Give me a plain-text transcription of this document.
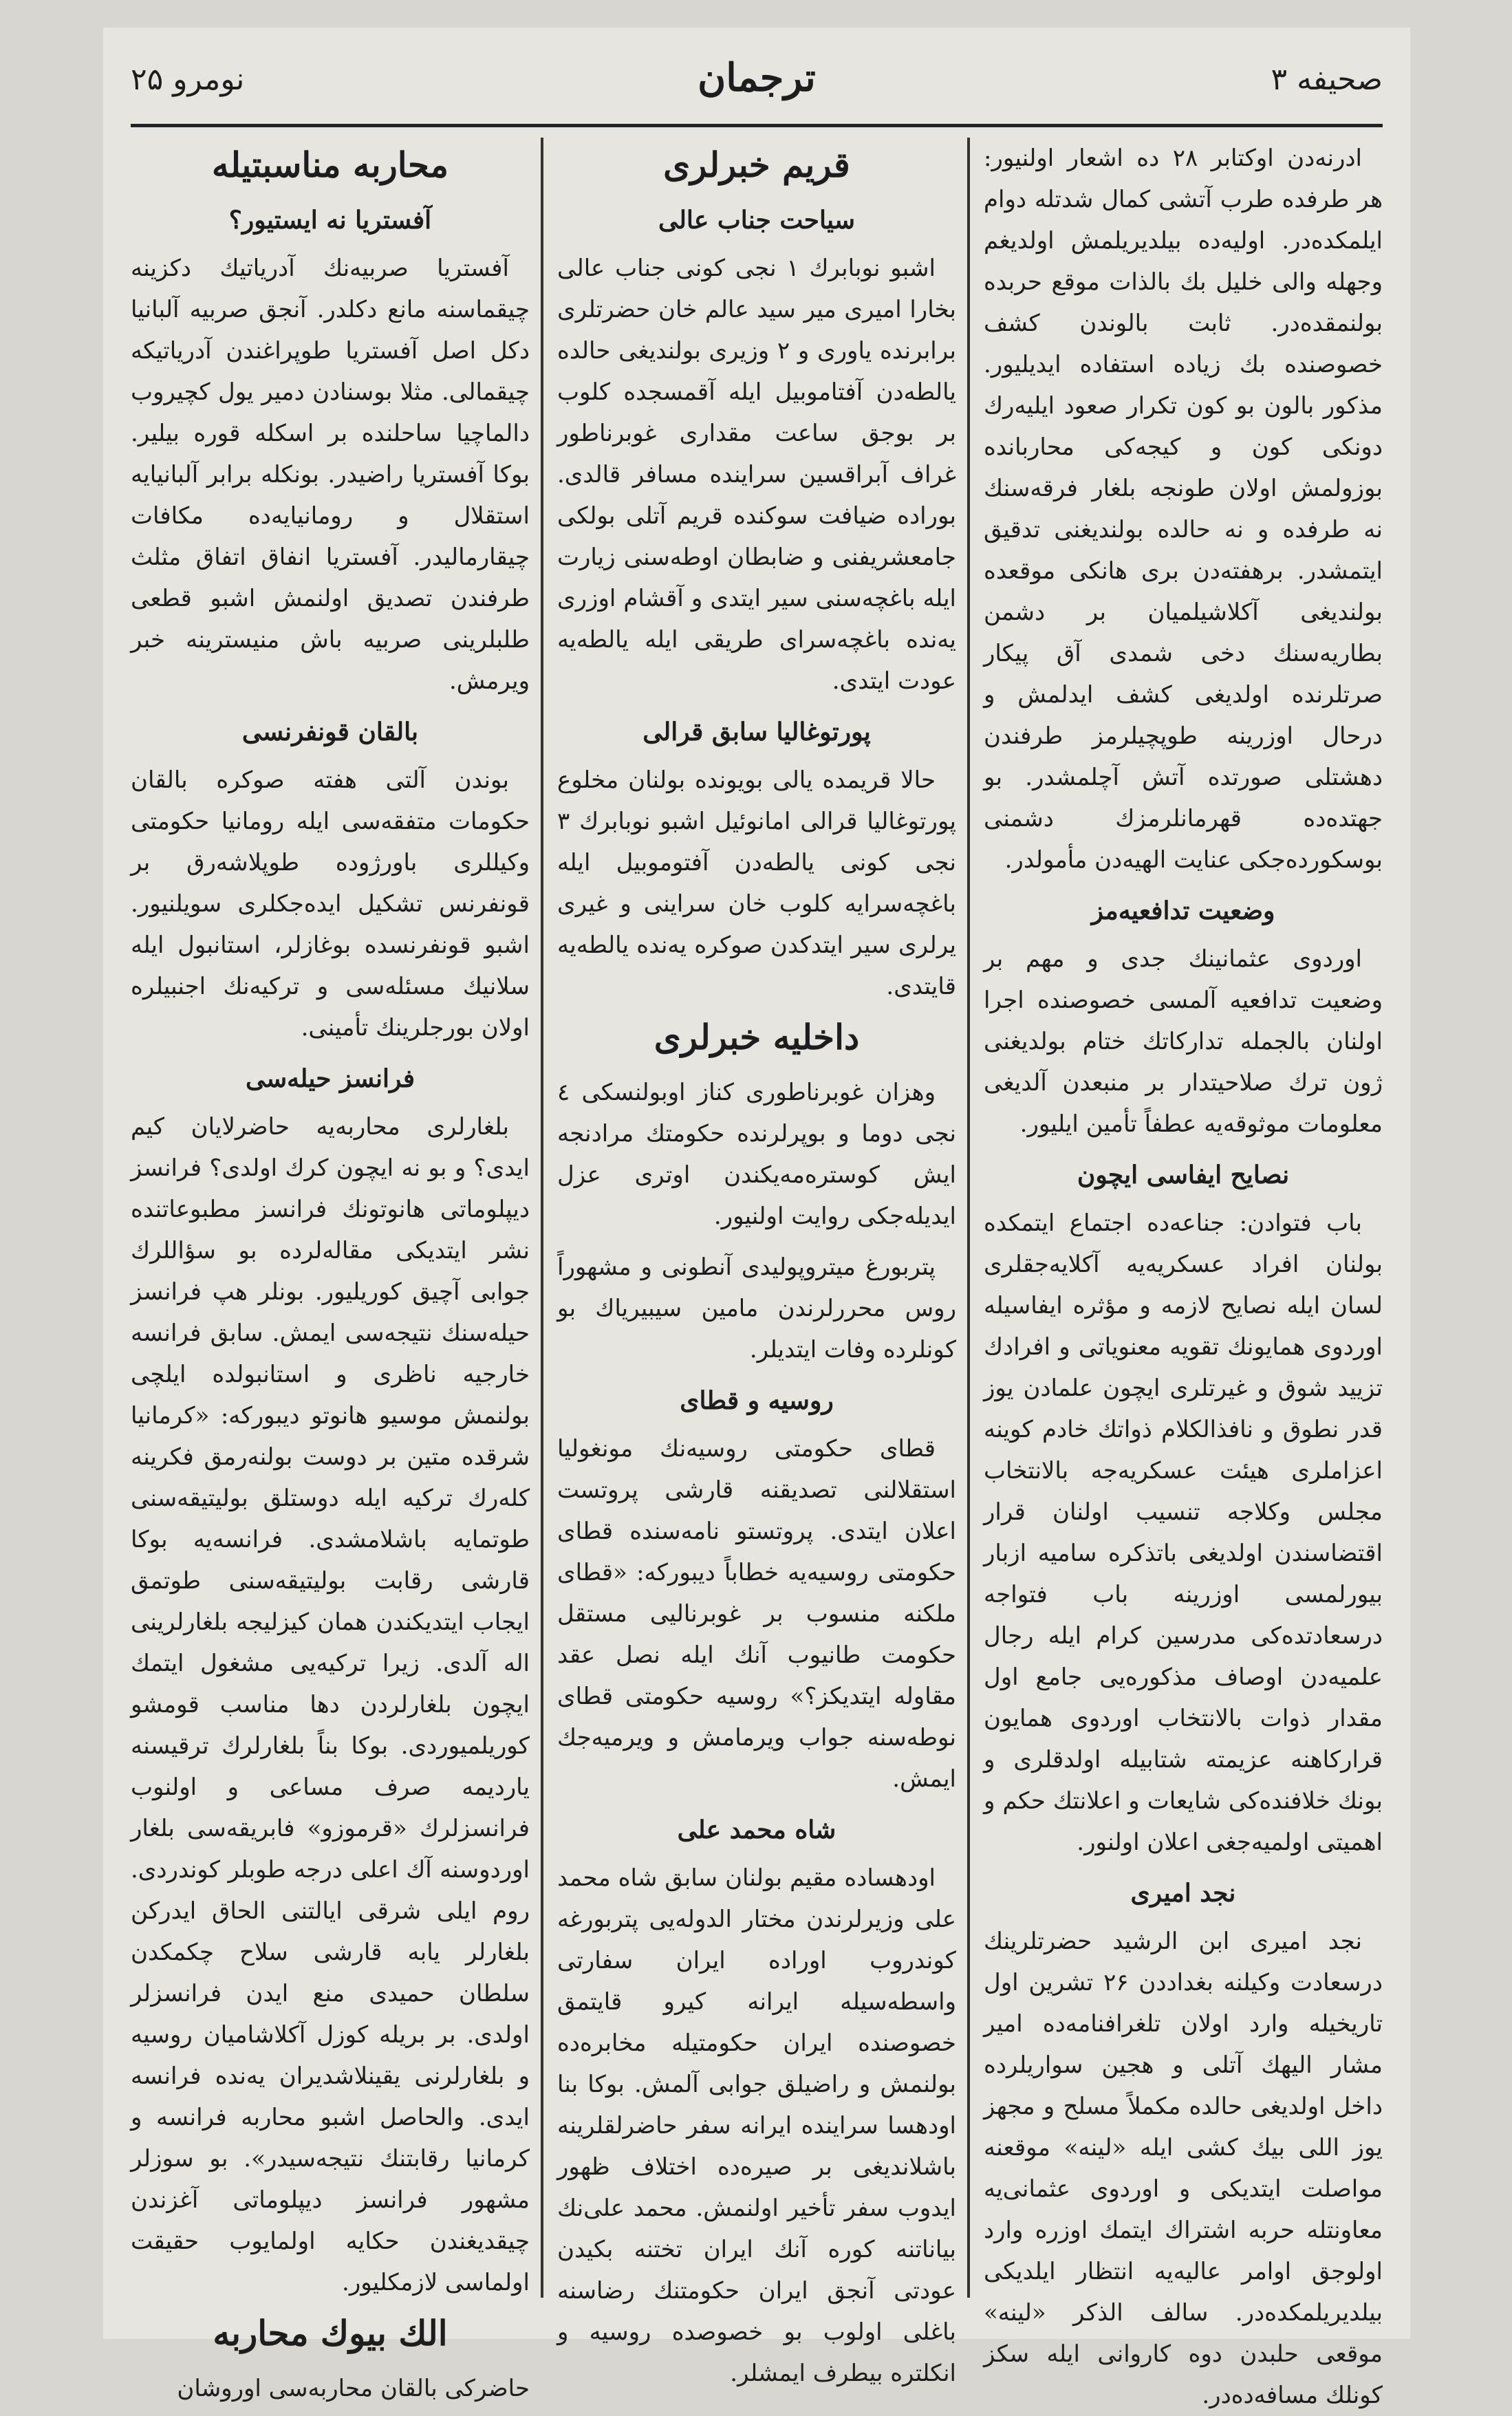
صحیفه ۳
ترجمان
نومرو ۲۵

ادرنه‌دن اوکتابر ۲۸ ده اشعار اولنیور: هر طرفده طرب آتشی کمال شدتله دوام ایلمکده‌در. اولیه‌ده بیلدیریلمش اولدیغم وجهله والی خلیل بك بالذات موقع حربده بولنمقده‌در. ثابت بالوندن کشف خصوصنده بك زیاده استفاده ایدیلیور. مذکور بالون بو کون تکرار صعود ایلیه‌رك دونکی کون و کیجه‌کی محاربانده بوزولمش اولان طونجه بلغار فرقه‌سنك نه طرفده و نه حالده بولندیغنی تدقیق ایتمشدر. برهفته‌دن بری هانکی موقعده بولندیغی آکلاشیلمیان بر دشمن بطاریه‌سنك دخی شمدی آق پیکار صرتلرنده اولدیغی کشف ایدلمش و درحال اوزرینه طوپچیلرمز طرفندن دهشتلی صورتده آتش آچلمشدر. بو جهتده‌ده قهرمانلرمزك دشمنی بوسکورده‌جکی عنایت الهیه‌دن مأمولدر.

وضعیت تدافعیه‌مز

اوردوی عثمانینك جدی و مهم بر وضعیت تدافعیه آلمسی خصوصنده اجرا اولنان بالجمله تدارکاتك ختام بولدیغنی ژون ترك صلاحیتدار بر منبعدن آلدیغی معلومات موثوقه‌یه عطفاً تأمین ایلیور.

نصایح ایفاسی ایچون

باب فتوادن: جناعه‌ده اجتماع ایتمکده بولنان افراد عسکریه‌یه آکلایه‌جقلری لسان ایله نصایح لازمه و مؤثره ایفاسیله اوردوی همایونك تقویه معنویاتی و افرادك تزیید شوق و غیرتلری ایچون علمادن یوز قدر نطوق و نافذالکلام ذواتك خادم کوینه اعزاملری هیئت عسکریه‌جه بالانتخاب مجلس وکلاجه تنسیب اولنان قرار اقتضاسندن اولدیغی باتذکره سامیه ازبار بیورلمسی اوزرینه باب فتواجه درسعادتده‌کی مدرسین کرام ایله رجال علمیه‌دن اوصاف مذکوره‌یی جامع اول مقدار ذوات بالانتخاب اوردوی همایون قرارکاهنه عزیمته شتابیله اولدقلری و بونك خلافنده‌کی شایعات و اعلانتك حکم و اهمیتی اولمیه‌جغی اعلان اولنور.

نجد امیری

نجد امیری ابن الرشید حضرتلرینك درسعادت وکیلنه بغداددن ۲۶ تشرین اول تاریخیله وارد اولان تلغرافنامه‌ده امیر مشار الیهك آتلی و هجین سواریلرده داخل اولدیغی حالده مکملاً مسلح و مجهز یوز اللی بیك کشی ایله «لینه» موقعنه مواصلت ایتدیکی و اوردوی عثمانی‌یه معاونتله حربه اشتراك ایتمك اوزره وارد اولوجق اوامر عالیه‌یه انتظار ایلدیکی بیلدیریلمکده‌در. سالف الذکر «لینه» موقعی حلبدن دوه کاروانی ایله سکز کونلك مسافه‌ده‌در.

قریم خبرلری
سیاحت جناب عالی

اشبو نوبابرك ۱ نجی کونی جناب عالی بخارا امیری میر سید عالم خان حضرتلری برابرنده یاوری و ۲ وزیری بولندیغی حالده یالطه‌دن آفتاموبیل ایله آقمسجده کلوب بر بوجق ساعت مقداری غوبرناطور غراف آبراقسین سراینده مسافر قالدی. بوراده ضیافت سوکنده قریم آتلی بولکی جامعشریفنی و ضابطان اوطه‌سنی زیارت ایله باغچه‌سنی سیر ایتدی و آقشام اوزری یه‌نده باغچه‌سرای طریقی ایله یالطه‌یه عودت ایتدی.

پورتوغالیا سابق قرالی

حالا قریمده یالی بویونده بولنان مخلوع پورتوغالیا قرالی امانوئیل اشبو نوبابرك ۳ نجی کونی یالطه‌دن آفتوموبیل ایله باغچه‌سرایه کلوب خان سراینی و غیری یرلری سیر ایتدکدن صوکره یه‌نده یالطه‌یه قایتدی.

داخلیه خبرلری

وهزان غوبرناطوری کناز اوبولنسکی ٤ نجی دوما و بوپرلرنده حکومتك مرادنجه ایش کوستره‌مه‌یکندن اوتری عزل ایدیله‌جکی روایت اولنیور.

پتربورغ میتروپولیدی آنطونی و مشهوراً روس محررلرندن مامین سیبیریاك بو کونلرده وفات ایتدیلر.

روسیه و قطای

قطای حکومتی روسیه‌نك مونغولیا استقلالنی تصدیقنه قارشی پروتست اعلان ایتدی. پروتستو نامه‌سنده قطای حکومتی روسیه‌یه خطاباً دیبورکه: «قطای ملکنه منسوب بر غوبرنالیی مستقل حکومت طانیوب آنك ایله نصل عقد مقاوله ایتدیکز؟» روسیه حکومتی قطای نوطه‌سنه جواب ویرمامش و ویرمیه‌جك ایمش.

شاه محمد علی

اودهساده مقیم بولنان سابق شاه محمد علی وزیرلرندن مختار الدوله‌یی پتربورغه کوندروب اوراده ایران سفارتی واسطه‌سیله ایرانه کیرو قایتمق خصوصنده ایران حکومتیله مخابره‌ده بولنمش و راضیلق جوابی آلمش. بوکا بنا اودهسا سراینده ایرانه سفر حاضرلقلرینه باشلاندیغی بر صیره‌ده اختلاف ظهور ایدوب سفر تأخیر اولنمش. محمد علی‌نك بیاناتنه کوره آنك ایران تختنه بکیدن عودتی آنجق ایران حکومتنك رضاسنه باغلی اولوب بو خصوصده روسیه و انکلتره بیطرف ایمشلر.

محاربه مناسبتیله
آفستریا نه ایستیور؟

آفستریا صربیه‌نك آدریاتیك دکزینه چیقماسنه مانع دکلدر. آنجق صربیه آلبانیا دکل اصل آفستریا طوپراغندن آدریاتیکه چیقمالی. مثلا بوسنادن دمیر یول کچیروب دالماچیا ساحلنده بر اسکله قوره بیلیر. بوکا آفستریا راضیدر. بونکله برابر آلبانیایه استقلال و رومانیایه‌ده مکافات چیقارمالیدر. آفستریا انفاق اتفاق مثلث طرفندن تصدیق اولنمش اشبو قطعی طلبلرینی صربیه باش منیسترینه خبر ویرمش.

بالقان قونفرنسی

بوندن آلتی هفته صوکره بالقان حکومات متفقه‌سی ایله رومانیا حکومتی وکیللری باورژوده طوپلاشه‌رق بر قونفرنس تشکیل ایده‌جکلری سویلنیور. اشبو قونفرنسده بوغازلر، استانبول ایله سلانیك مسئله‌سی و ترکیه‌نك اجنبیلره اولان بورجلرینك تأمینی.

فرانسز حیله‌سی

بلغارلری محاربه‌یه حاضرلایان کیم ایدی؟ و بو نه ایچون کرك اولدی؟ فرانسز دیپلوماتی هانوتونك فرانسز مطبوعاتنده نشر ایتدیکی مقاله‌لرده بو سؤاللرك جوابی آچیق کوریلیور. بونلر هپ فرانسز حیله‌سنك نتیجه‌سی ایمش. سابق فرانسه خارجیه ناظری و استانبولده ایلچی بولنمش موسیو هانوتو دیبورکه: «کرمانیا شرقده متین بر دوست بولنه‌رمق فکرینه کله‌رك ترکیه ایله دوستلق بولیتیقه‌سنی طوتمایه باشلامشدی. فرانسه‌یه بوکا قارشی رقابت بولیتیقه‌سنی طوتمق ایجاب ایتدیکندن همان کیزلیجه بلغارلرینی اله آلدی. زیرا ترکیه‌یی مشغول ایتمك ایچون بلغارلردن دها مناسب قومشو کوریلمیوردی. بوکا بناً بلغارلرك ترقیسنه یاردیمه صرف مساعی و اولنوب فرانسزلرك «قرموزو» فابریقه‌سی بلغار اوردوسنه آك اعلی درجه طوبلر کوندردی. روم ایلی شرقی ایالتنی الحاق ایدرکن بلغارلر یابه قارشی سلاح چکمکدن سلطان حمیدی منع ایدن فرانسزلر اولدی. بر بریله کوزل آکلاشامیان روسیه و بلغارلرنی یقینلاشدیران یه‌نده فرانسه ایدی. والحاصل اشبو محاربه فرانسه و کرمانیا رقابتنك نتیجه‌سیدر». بو سوزلر مشهور فرانسز دیپلوماتی آغزندن چیقدیغندن حکایه اولمایوب حقیقت اولماسی لازمکلیور.

الك بیوك محاربه

حاضرکی بالقان محاربه‌سی اوروشان
